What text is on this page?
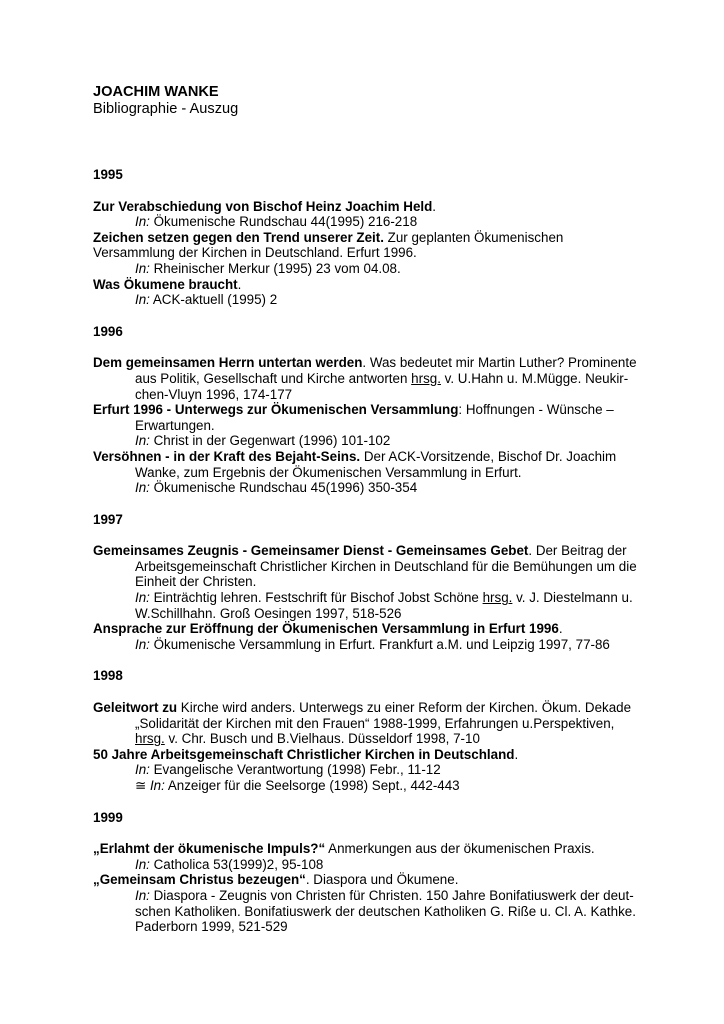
JOACHIM WANKE
Bibliographie - Auszug
1995
Zur Verabschiedung von Bischof Heinz Joachim Held.
In: Ökumenische Rundschau 44(1995) 216-218
Zeichen setzen gegen den Trend unserer Zeit. Zur geplanten Ökumenischen
Versammlung der Kirchen in Deutschland. Erfurt 1996.
In: Rheinischer Merkur (1995) 23 vom 04.08.
Was Ökumene braucht.
In: ACK-aktuell (1995) 2
1996
Dem gemeinsamen Herrn untertan werden. Was bedeutet mir Martin Luther? Prominente
aus Politik, Gesellschaft und Kirche antworten hrsg. v. U.Hahn u. M.Mügge. Neukir-
chen-Vluyn 1996, 174-177
Erfurt 1996 - Unterwegs zur Ökumenischen Versammlung: Hoffnungen - Wünsche –
Erwartungen.
In: Christ in der Gegenwart (1996) 101-102
Versöhnen - in der Kraft des Bejaht-Seins. Der ACK-Vorsitzende, Bischof Dr. Joachim
Wanke, zum Ergebnis der Ökumenischen Versammlung in Erfurt.
In: Ökumenische Rundschau 45(1996) 350-354
1997
Gemeinsames Zeugnis - Gemeinsamer Dienst - Gemeinsames Gebet. Der Beitrag der
Arbeitsgemeinschaft Christlicher Kirchen in Deutschland für die Bemühungen um die
Einheit der Christen.
In: Einträchtig lehren. Festschrift für Bischof Jobst Schöne hrsg. v. J. Diestelmann u.
W.Schillhahn. Groß Oesingen 1997, 518-526
Ansprache zur Eröffnung der Ökumenischen Versammlung in Erfurt 1996.
In: Ökumenische Versammlung in Erfurt. Frankfurt a.M. und Leipzig 1997, 77-86
1998
Geleitwort zu Kirche wird anders. Unterwegs zu einer Reform der Kirchen. Ökum. Dekade
„Solidarität der Kirchen mit den Frauen“ 1988-1999, Erfahrungen u.Perspektiven,
hrsg. v. Chr. Busch und B.Vielhaus. Düsseldorf 1998, 7-10
50 Jahre Arbeitsgemeinschaft Christlicher Kirchen in Deutschland.
In: Evangelische Verantwortung (1998) Febr., 11-12
≅ In: Anzeiger für die Seelsorge (1998) Sept., 442-443
1999
„Erlahmt der ökumenische Impuls?“ Anmerkungen aus der ökumenischen Praxis.
In: Catholica 53(1999)2, 95-108
„Gemeinsam Christus bezeugen“. Diaspora und Ökumene.
In: Diaspora - Zeugnis von Christen für Christen. 150 Jahre Bonifatiuswerk der deut-
schen Katholiken. Bonifatiuswerk der deutschen Katholiken G. Riße u. Cl. A. Kathke.
Paderborn 1999, 521-529
